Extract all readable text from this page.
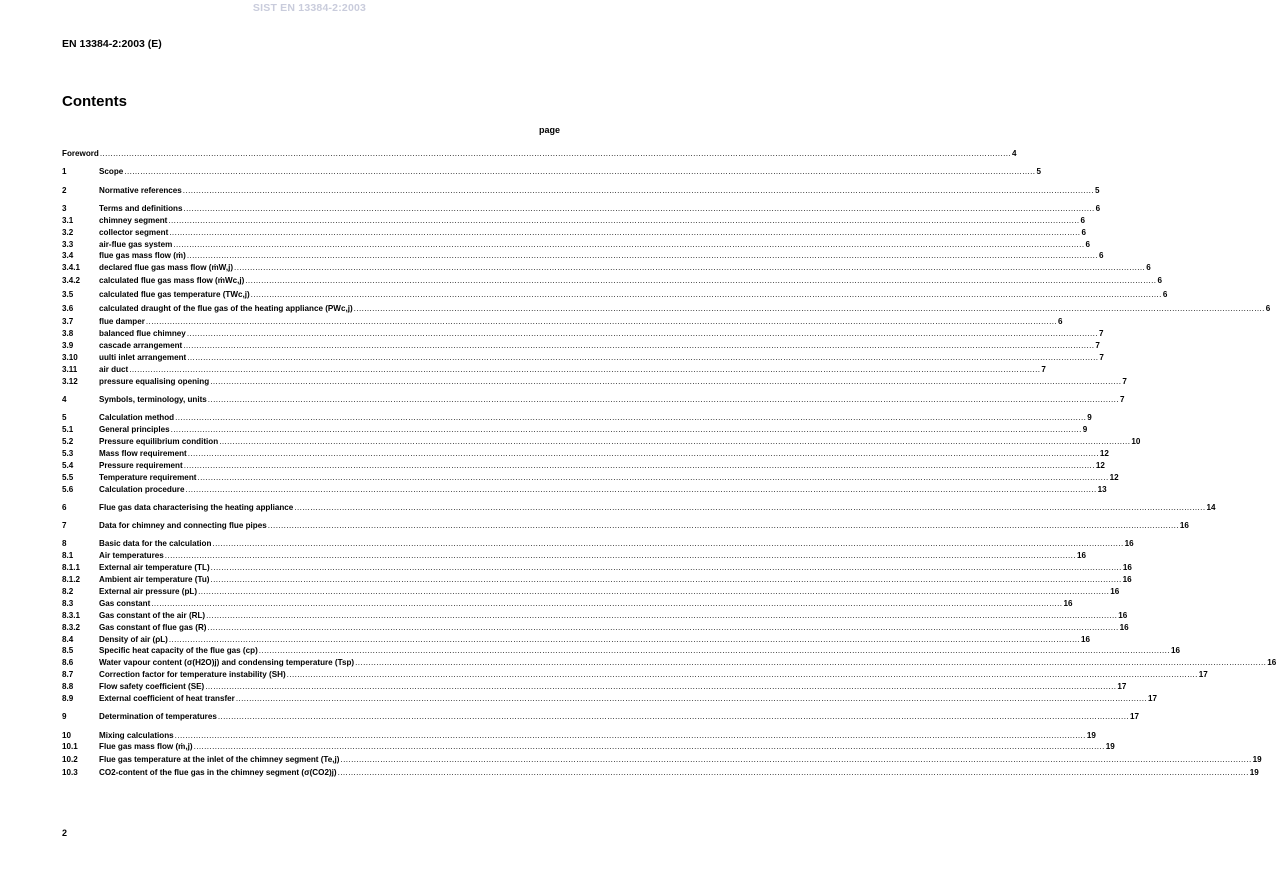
SIST EN 13384-2:2003
EN 13384-2:2003 (E)
Contents
page
Foreword .....	4
1	Scope .....	5
2	Normative references .....	5
3	Terms and definitions .....	6
3.1	chimney segment .....	6
3.2	collector segment .....	6
3.3	air-flue gas system .....	6
3.4	flue gas mass flow (ṁ) .....	6
3.4.1	declared flue gas mass flow (ṁW,j) .....	6
3.4.2	calculated flue gas mass flow (ṁWc,j) .....	6
3.5	calculated flue gas temperature (TWc,j) .....	6
3.6	calculated draught of the flue gas of the heating appliance (PWc,j) .....	6
3.7	flue damper .....	6
3.8	balanced flue chimney .....	7
3.9	cascade arrangement .....	7
3.10	uulti inlet arrangement .....	7
3.11	air duct .....	7
3.12	pressure equalising opening .....	7
4	Symbols, terminology, units .....	7
5	Calculation method .....	9
5.1	General principles .....	9
5.2	Pressure equilibrium condition .....	10
5.3	Mass flow requirement .....	12
5.4	Pressure requirement .....	12
5.5	Temperature requirement .....	12
5.6	Calculation procedure .....	13
6	Flue gas data characterising the heating appliance .....	14
7	Data for chimney and connecting flue pipes .....	16
8	Basic data for the calculation .....	16
8.1	Air temperatures .....	16
8.1.1	External air temperature (TL) .....	16
8.1.2	Ambient air temperature (Tu) .....	16
8.2	External air pressure (pL) .....	16
8.3	Gas constant .....	16
8.3.1	Gas constant of the air (RL) .....	16
8.3.2	Gas constant of flue gas (R) .....	16
8.4	Density of air (ρL) .....	16
8.5	Specific heat capacity of the flue gas (cp) .....	16
8.6	Water vapour content (σ(H2O)j) and condensing temperature (Tsp) .....	16
8.7	Correction factor for temperature instability (SH) .....	17
8.8	Flow safety coefficient (SE) .....	17
8.9	External coefficient of heat transfer .....	17
9	Determination of temperatures .....	17
10	Mixing calculations .....	19
10.1	Flue gas mass flow (ṁ,j) .....	19
10.2	Flue gas temperature at the inlet of the chimney segment (Te,j) .....	19
10.3	CO2-content of the flue gas in the chimney segment (σ(CO2)j) .....	19
2
